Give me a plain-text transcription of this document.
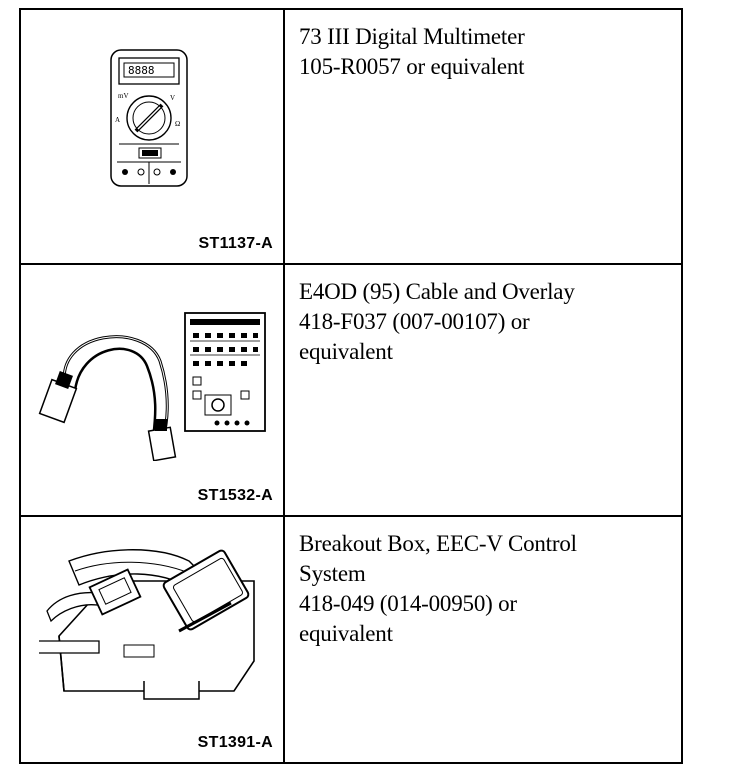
8888
mV	V
A	Ω
ST1137-A
73 III Digital Multimeter
105-R0057 or equivalent
ST1532-A
E4OD (95) Cable and Overlay
418-F037 (007-00107) or
equivalent
ST1391-A
Breakout Box, EEC-V Control
System
418-049 (014-00950) or
equivalent
